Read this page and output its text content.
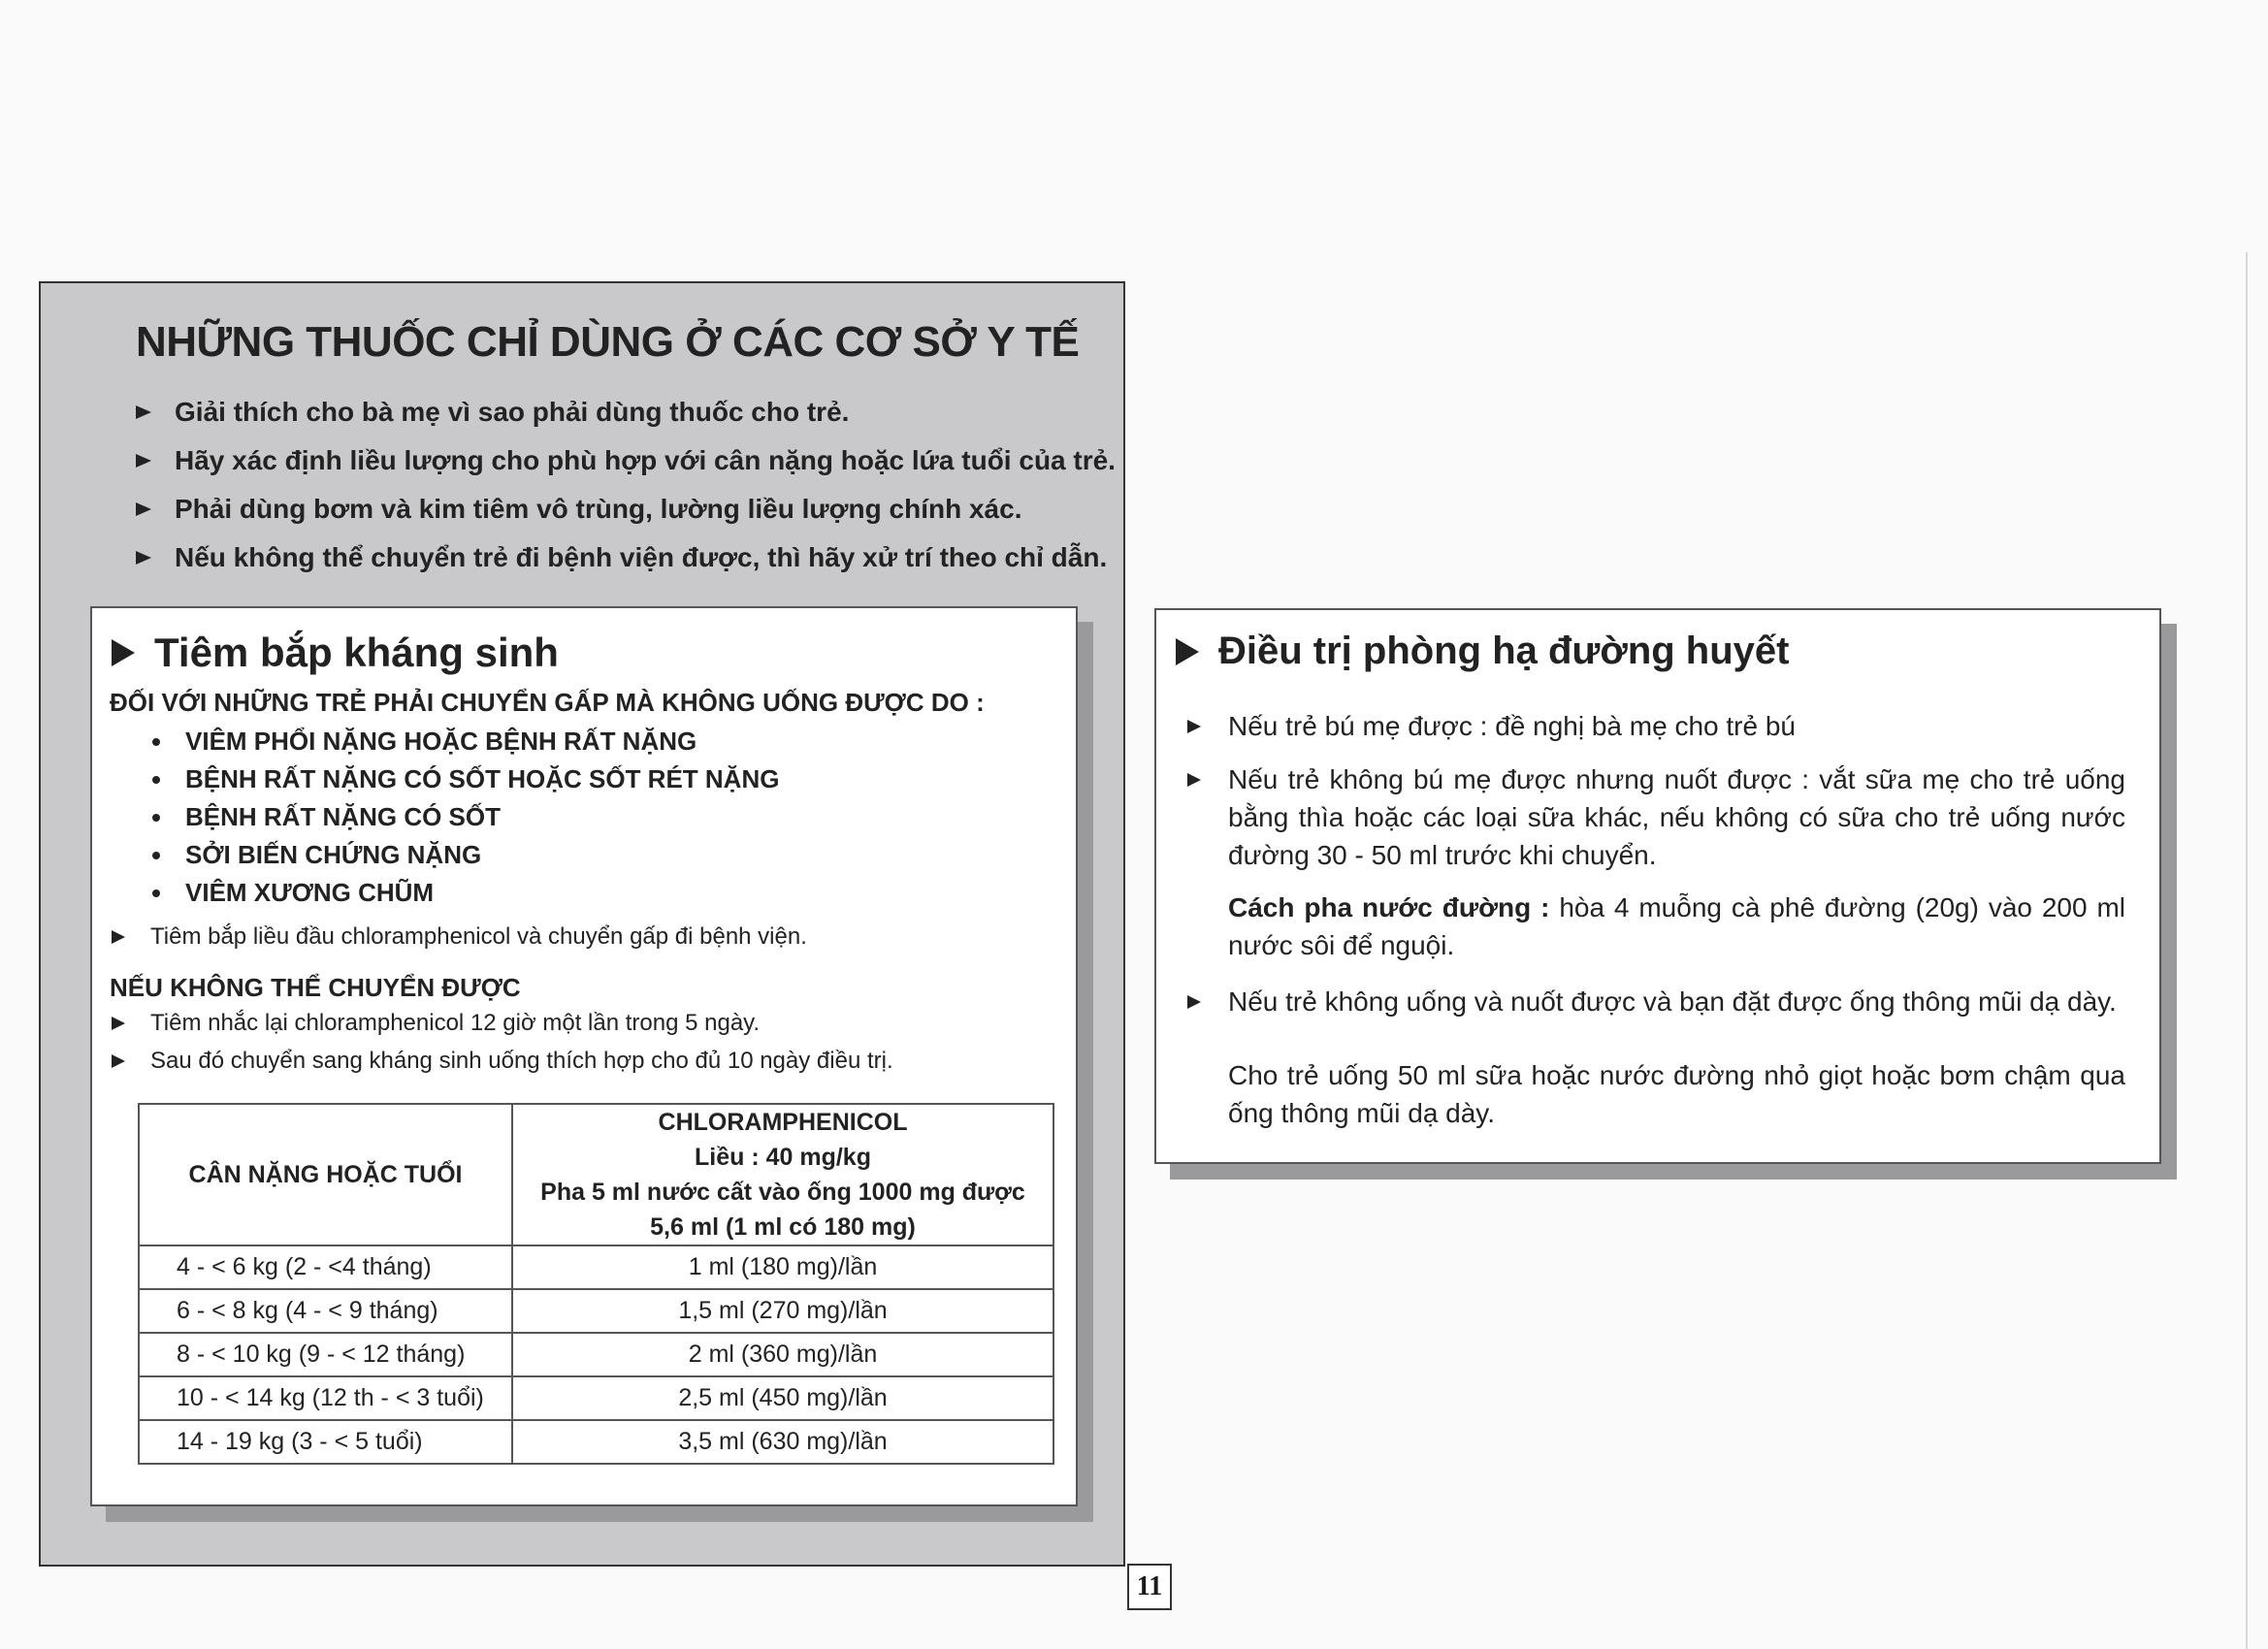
NHỮNG THUỐC CHỈ DÙNG Ở CÁC CƠ SỞ Y TẾ
Giải thích cho bà mẹ vì sao phải dùng thuốc cho trẻ.
Hãy xác định liều lượng cho phù hợp với cân nặng hoặc lứa tuổi của trẻ.
Phải dùng bơm và kim tiêm vô trùng, lường liều lượng chính xác.
Nếu không thể chuyển trẻ đi bệnh viện được, thì hãy xử trí theo chỉ dẫn.
Tiêm bắp kháng sinh
ĐỐI VỚI NHỮNG TRẺ PHẢI CHUYỂN GẤP MÀ KHÔNG UỐNG ĐƯỢC DO :
VIÊM PHỔI NẶNG HOẶC BỆNH RẤT NẶNG
BỆNH RẤT NẶNG CÓ SỐT HOẶC SỐT RÉT NẶNG
BỆNH RẤT NẶNG CÓ SỐT
SỞI BIẾN CHỨNG NẶNG
VIÊM XƯƠNG CHŨM
Tiêm bắp liều đầu chloramphenicol và chuyển gấp đi bệnh viện.
NẾU KHÔNG THỂ CHUYỂN ĐƯỢC
Tiêm nhắc lại chloramphenicol 12 giờ một lần trong 5 ngày.
Sau đó chuyển sang kháng sinh uống thích hợp cho đủ 10 ngày điều trị.
CÂN NẶNG HOẶC TUỔI	CHLORAMPHENICOL
Liều : 40 mg/kg
Pha 5 ml nước cất vào ống 1000 mg được
5,6 ml (1 ml có 180 mg)

4 - < 6 kg (2 - <4 tháng)	1 ml (180 mg)/lần
6 - < 8 kg (4 - < 9 tháng)	1,5 ml (270 mg)/lần
8 - < 10 kg (9 - < 12 tháng)	2 ml (360 mg)/lần
10 - < 14 kg (12 th - < 3 tuổi)	2,5 ml (450 mg)/lần
14 - 19 kg (3 - < 5 tuổi)	3,5 ml (630 mg)/lần
Điều trị phòng hạ đường huyết
Nếu trẻ bú mẹ được : đề nghị bà mẹ cho trẻ bú
Nếu trẻ không bú mẹ được nhưng nuốt được : vắt sữa mẹ cho trẻ uống bằng thìa hoặc các loại sữa khác, nếu không có sữa cho trẻ uống nước đường 30 - 50 ml trước khi chuyển.
Cách pha nước đường : hòa 4 muỗng cà phê đường (20g) vào 200 ml nước sôi để nguội.
Nếu trẻ không uống và nuốt được và bạn đặt được ống thông mũi dạ dày.
Cho trẻ uống 50 ml sữa hoặc nước đường nhỏ giọt hoặc bơm chậm qua ống thông mũi dạ dày.
11
